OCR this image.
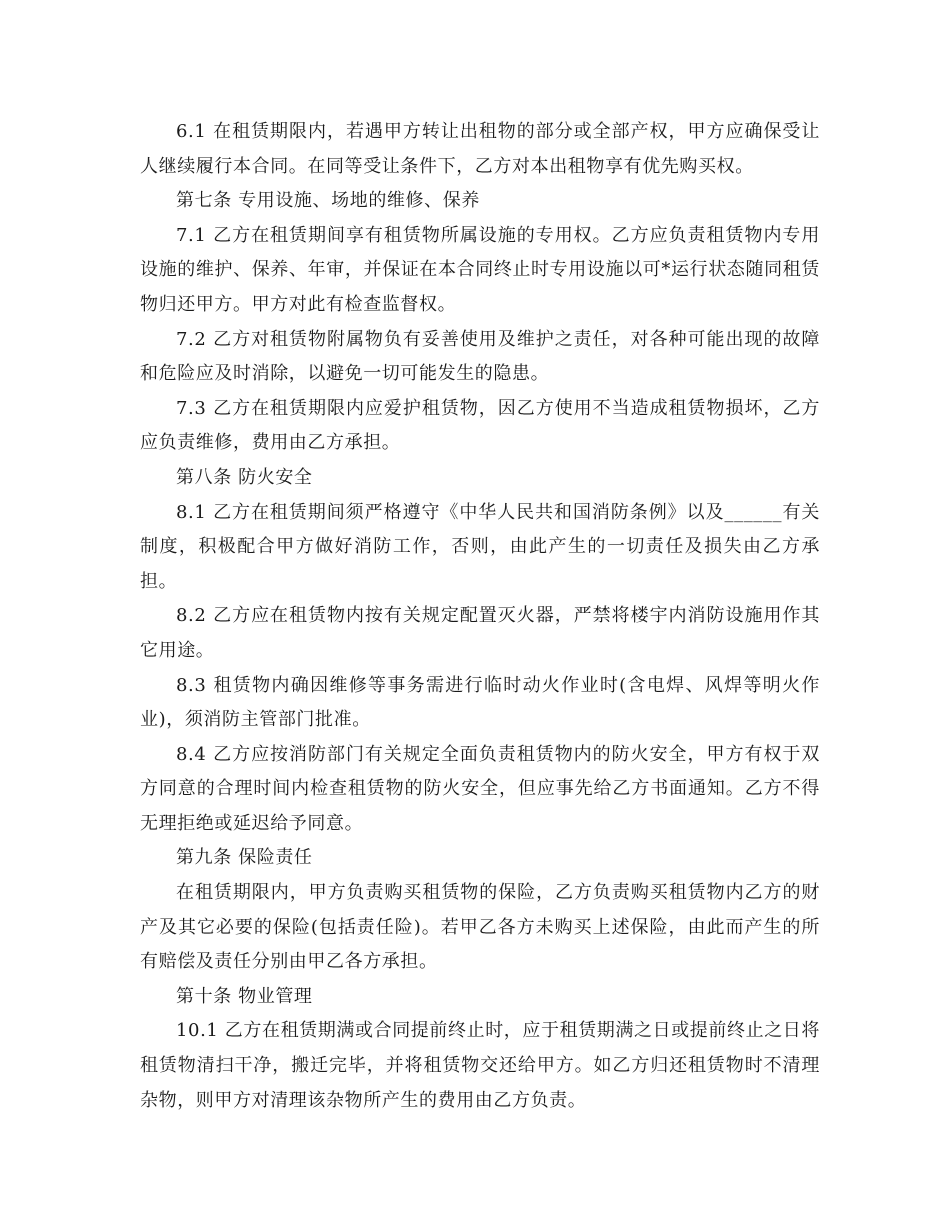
6.1 在租赁期限内，若遇甲方转让出租物的部分或全部产权，甲方应确保受让人继续履行本合同。在同等受让条件下，乙方对本出租物享有优先购买权。

第七条 专用设施、场地的维修、保养

7.1 乙方在租赁期间享有租赁物所属设施的专用权。乙方应负责租赁物内专用设施的维护、保养、年审，并保证在本合同终止时专用设施以可*运行状态随同租赁物归还甲方。甲方对此有检查监督权。

7.2 乙方对租赁物附属物负有妥善使用及维护之责任，对各种可能出现的故障和危险应及时消除，以避免一切可能发生的隐患。

7.3 乙方在租赁期限内应爱护租赁物，因乙方使用不当造成租赁物损坏，乙方应负责维修，费用由乙方承担。

第八条 防火安全

8.1 乙方在租赁期间须严格遵守《中华人民共和国消防条例》以及______有关制度，积极配合甲方做好消防工作，否则，由此产生的一切责任及损失由乙方承担。

8.2 乙方应在租赁物内按有关规定配置灭火器，严禁将楼宇内消防设施用作其它用途。

8.3 租赁物内确因维修等事务需进行临时动火作业时(含电焊、风焊等明火作业)，须消防主管部门批准。

8.4 乙方应按消防部门有关规定全面负责租赁物内的防火安全，甲方有权于双方同意的合理时间内检查租赁物的防火安全，但应事先给乙方书面通知。乙方不得无理拒绝或延迟给予同意。

第九条 保险责任

在租赁期限内，甲方负责购买租赁物的保险，乙方负责购买租赁物内乙方的财产及其它必要的保险(包括责任险)。若甲乙各方未购买上述保险，由此而产生的所有赔偿及责任分别由甲乙各方承担。

第十条 物业管理

10.1 乙方在租赁期满或合同提前终止时，应于租赁期满之日或提前终止之日将租赁物清扫干净，搬迁完毕，并将租赁物交还给甲方。如乙方归还租赁物时不清理杂物，则甲方对清理该杂物所产生的费用由乙方负责。
